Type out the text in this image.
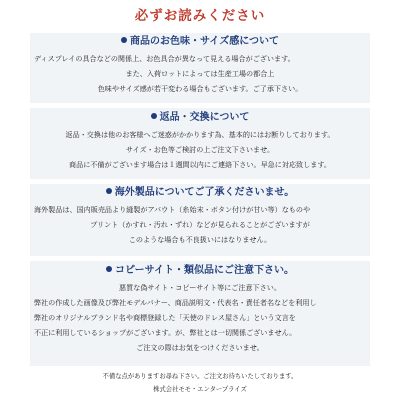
必ずお読みください
商品のお色味・サイズ感について
ディスプレイの具合などの関係上、お色具合が異なって見える場合がございます。
また、入荷ロットによっては生産工場の都合上
色味やサイズ感が若干変わる場合もございます。ご了承下さい。
返品・交換について
返品・交換は他のお客様へご迷惑がかかります為、基本的にはお断りしております。
サイズ・お色等ご検討の上ご注文下さいませ。
商品に不備がございます場合は１週間以内にご連絡下さい。早急に対応致します。
海外製品についてご了承くださいませ。
海外製品は、国内販売品より縫製がアバウト（糸始末・ボタン付けが甘い等）なものや
プリント（かすれ・汚れ・ずれ）などが見られることがございますが
このような場合も不良扱いにはなりません。
コピーサイト・類似品にご注意下さい。
悪質な偽サイト・コピーサイト等にご注意下さい。
弊社の作成した画像及び弊社モデルバナー、商品説明文・代表名・責任者名などを利用し
弊社のオリジナルブランド名や商標登録した「天使のドレス屋さん」という文言を
不正に利用しているショップがございます。が、弊社とは一切関係ございません。
ご注文の際はお気をつけくださいませ。
不備な点がありますお尋ね下さい。ご注文お待ちいたしております。
株式会社モモ・エンタープライズ
